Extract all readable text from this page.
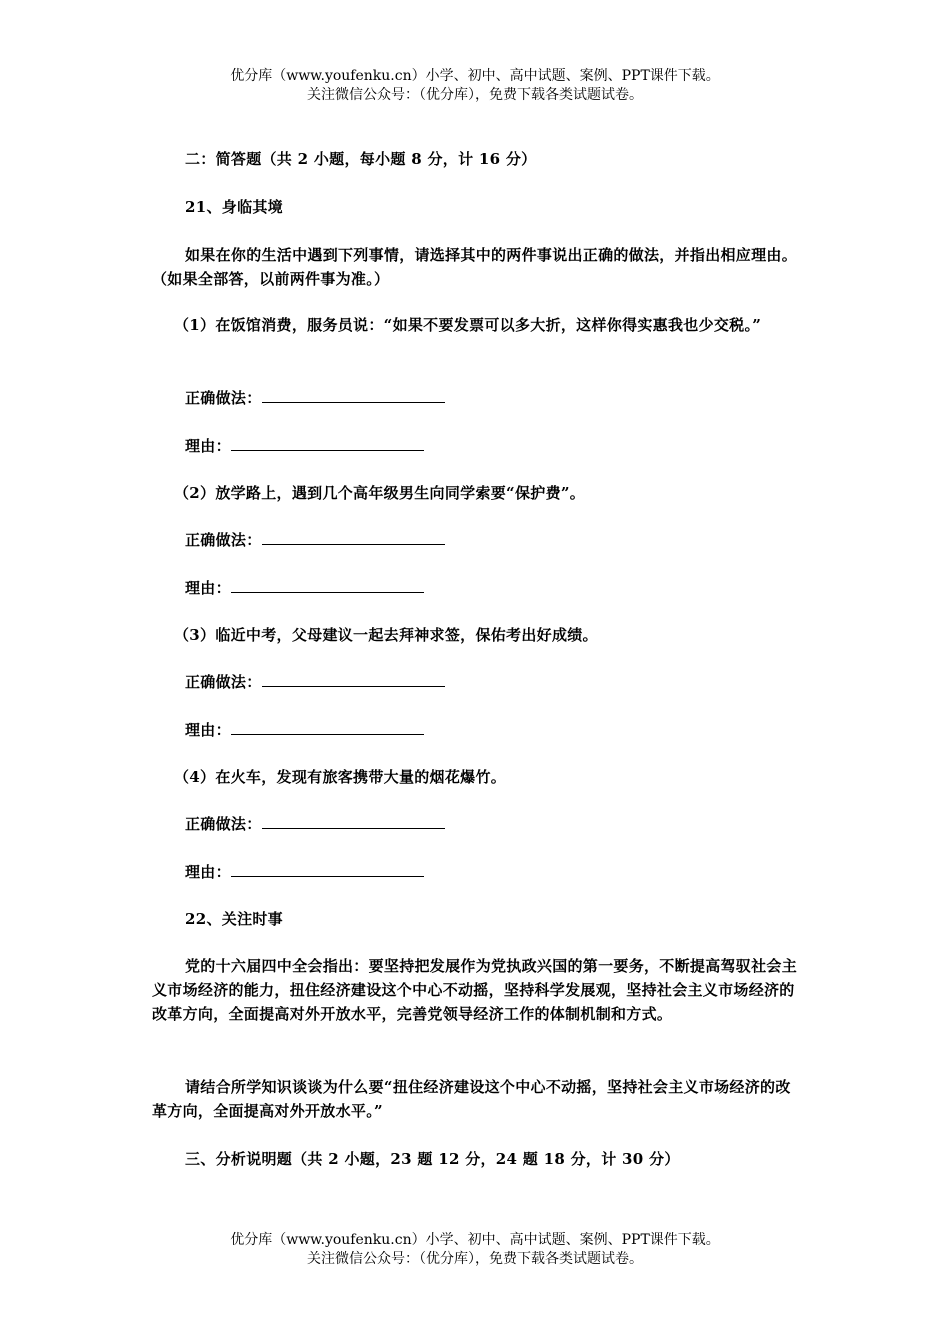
优分库（www.youfenku.cn）小学、初中、高中试题、案例、PPT课件下载。
关注微信公众号：（优分库），免费下载各类试题试卷。
二：简答题（共 2 小题，每小题 8 分，计 16 分）
21、身临其境
如果在你的生活中遇到下列事情，请选择其中的两件事说出正确的做法，并指出相应理由。（如果全部答，以前两件事为准。）
（1）在饭馆消费，服务员说：“如果不要发票可以多大折，这样你得实惠我也少交税。”
正确做法：
理由：
（2）放学路上，遇到几个高年级男生向同学索要“保护费”。
正确做法：
理由：
（3）临近中考，父母建议一起去拜神求签，保佑考出好成绩。
正确做法：
理由：
（4）在火车，发现有旅客携带大量的烟花爆竹。
正确做法：
理由：
22、关注时事
党的十六届四中全会指出：要坚持把发展作为党执政兴国的第一要务，不断提高驾驭社会主义市场经济的能力，扭住经济建设这个中心不动摇，坚持科学发展观，坚持社会主义市场经济的改革方向，全面提高对外开放水平，完善党领导经济工作的体制机制和方式。
请结合所学知识谈谈为什么要“扭住经济建设这个中心不动摇，坚持社会主义市场经济的改革方向，全面提高对外开放水平。”
三、分析说明题（共 2 小题，23 题 12 分，24 题 18 分，计 30 分）
优分库（www.youfenku.cn）小学、初中、高中试题、案例、PPT课件下载。
关注微信公众号：（优分库），免费下载各类试题试卷。
